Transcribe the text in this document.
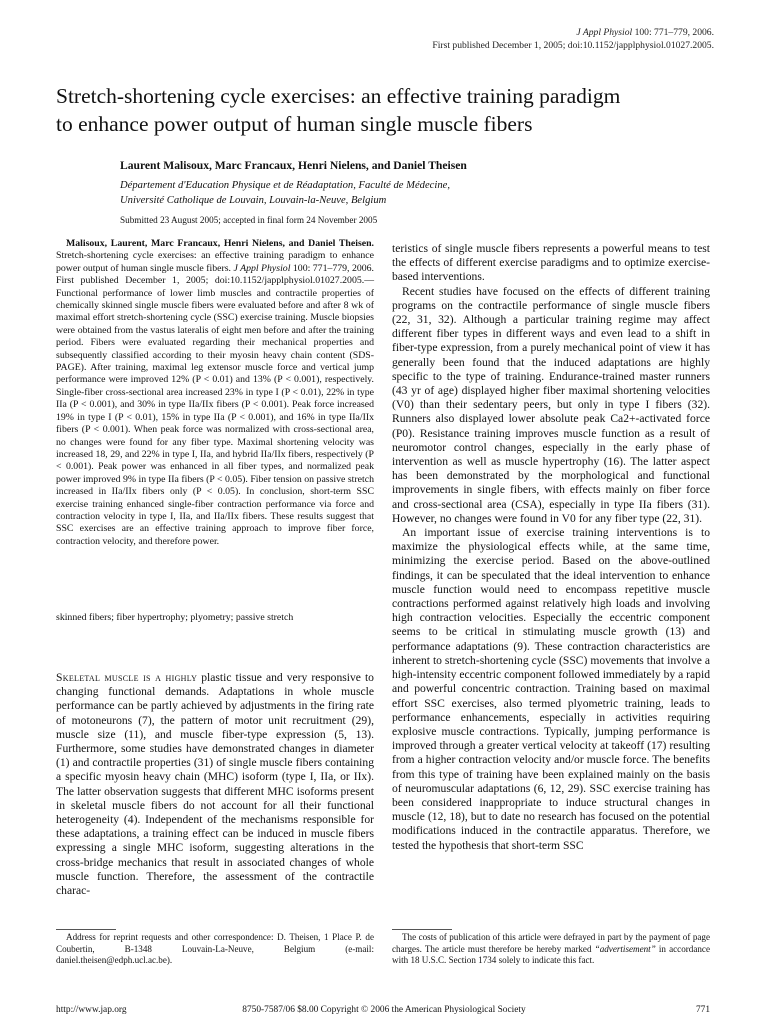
J Appl Physiol 100: 771–779, 2006.
First published December 1, 2005; doi:10.1152/japplphysiol.01027.2005.
Stretch-shortening cycle exercises: an effective training paradigm
to enhance power output of human single muscle fibers
Laurent Malisoux, Marc Francaux, Henri Nielens, and Daniel Theisen
Département d'Education Physique et de Réadaptation, Faculté de Médecine,
Université Catholique de Louvain, Louvain-la-Neuve, Belgium
Submitted 23 August 2005; accepted in final form 24 November 2005

Malisoux, Laurent, Marc Francaux, Henri Nielens, and Daniel Theisen. Stretch-shortening cycle exercises: an effective training paradigm to enhance power output of human single muscle fibers. J Appl Physiol 100: 771–779, 2006. First published December 1, 2005; doi:10.1152/japplphysiol.01027.2005.—Functional performance of lower limb muscles and contractile properties of chemically skinned single muscle fibers were evaluated before and after 8 wk of maximal effort stretch-shortening cycle (SSC) exercise training. Muscle biopsies were obtained from the vastus lateralis of eight men before and after the training period. Fibers were evaluated regarding their mechanical properties and subsequently classified according to their myosin heavy chain content (SDS-PAGE). After training, maximal leg extensor muscle force and vertical jump performance were improved 12% (P < 0.01) and 13% (P < 0.001), respectively. Single-fiber cross-sectional area increased 23% in type I (P < 0.01), 22% in type IIa (P < 0.001), and 30% in type IIa/IIx fibers (P < 0.001). Peak force increased 19% in type I (P < 0.01), 15% in type IIa (P < 0.001), and 16% in type IIa/IIx fibers (P < 0.001). When peak force was normalized with cross-sectional area, no changes were found for any fiber type. Maximal shortening velocity was increased 18, 29, and 22% in type I, IIa, and hybrid IIa/IIx fibers, respectively (P < 0.001). Peak power was enhanced in all fiber types, and normalized peak power improved 9% in type IIa fibers (P < 0.05). Fiber tension on passive stretch increased in IIa/IIx fibers only (P < 0.05). In conclusion, short-term SSC exercise training enhanced single-fiber contraction performance via force and contraction velocity in type I, IIa, and IIa/IIx fibers. These results suggest that SSC exercises are an effective training approach to improve fiber force, contraction velocity, and therefore power.

skinned fibers; fiber hypertrophy; plyometry; passive stretch

Skeletal muscle is a highly plastic tissue and very responsive to changing functional demands. Adaptations in whole muscle performance can be partly achieved by adjustments in the firing rate of motoneurons (7), the pattern of motor unit recruitment (29), muscle size (11), and muscle fiber-type expression (5, 13). Furthermore, some studies have demonstrated changes in diameter (1) and contractile properties (31) of single muscle fibers containing a specific myosin heavy chain (MHC) isoform (type I, IIa, or IIx). The latter observation suggests that different MHC isoforms present in skeletal muscle fibers do not account for all their functional heterogeneity (4). Independent of the mechanisms responsible for these adaptations, a training effect can be induced in muscle fibers expressing a single MHC isoform, suggesting alterations in the cross-bridge mechanics that result in associated changes of whole muscle function. Therefore, the assessment of the contractile charac-

teristics of single muscle fibers represents a powerful means to test the effects of different exercise paradigms and to optimize exercise-based interventions.

Recent studies have focused on the effects of different training programs on the contractile performance of single muscle fibers (22, 31, 32). Although a particular training regime may affect different fiber types in different ways and even lead to a shift in fiber-type expression, from a purely mechanical point of view it has generally been found that the induced adaptations are highly specific to the type of training. Endurance-trained master runners (43 yr of age) displayed higher fiber maximal shortening velocities (V0) than their sedentary peers, but only in type I fibers (32). Runners also displayed lower absolute peak Ca2+-activated force (P0). Resistance training improves muscle function as a result of neuromotor control changes, especially in the early phase of intervention as well as muscle hypertrophy (16). The latter aspect has been demonstrated by the morphological and functional improvements in single fibers, with effects mainly on fiber force and cross-sectional area (CSA), especially in type IIa fibers (31). However, no changes were found in V0 for any fiber type (22, 31).

An important issue of exercise training interventions is to maximize the physiological effects while, at the same time, minimizing the exercise period. Based on the above-outlined findings, it can be speculated that the ideal intervention to enhance muscle function would need to encompass repetitive muscle contractions performed against relatively high loads and involving high contraction velocities. Especially the eccentric component seems to be critical in stimulating muscle growth (13) and performance adaptations (9). These contraction characteristics are inherent to stretch-shortening cycle (SSC) movements that involve a high-intensity eccentric component followed immediately by a rapid and powerful concentric contraction. Training based on maximal effort SSC exercises, also termed plyometric training, leads to performance enhancements, especially in activities requiring explosive muscle contractions. Typically, jumping performance is improved through a greater vertical velocity at takeoff (17) resulting from a higher contraction velocity and/or muscle force. The benefits from this type of training have been explained mainly on the basis of neuromuscular adaptations (6, 12, 29). SSC exercise training has been considered inappropriate to induce structural changes in muscle (12, 18), but to date no research has focused on the potential modifications induced in the contractile apparatus. Therefore, we tested the hypothesis that short-term SSC

Address for reprint requests and other correspondence: D. Theisen, 1 Place P. de Coubertin, B-1348 Louvain-La-Neuve, Belgium (e-mail: daniel.theisen@edph.ucl.ac.be).
The costs of publication of this article were defrayed in part by the payment of page charges. The article must therefore be hereby marked “advertisement” in accordance with 18 U.S.C. Section 1734 solely to indicate this fact.
8750-7587/06 $8.00 Copyright © 2006 the American Physiological Society
http://www.jap.org	771
